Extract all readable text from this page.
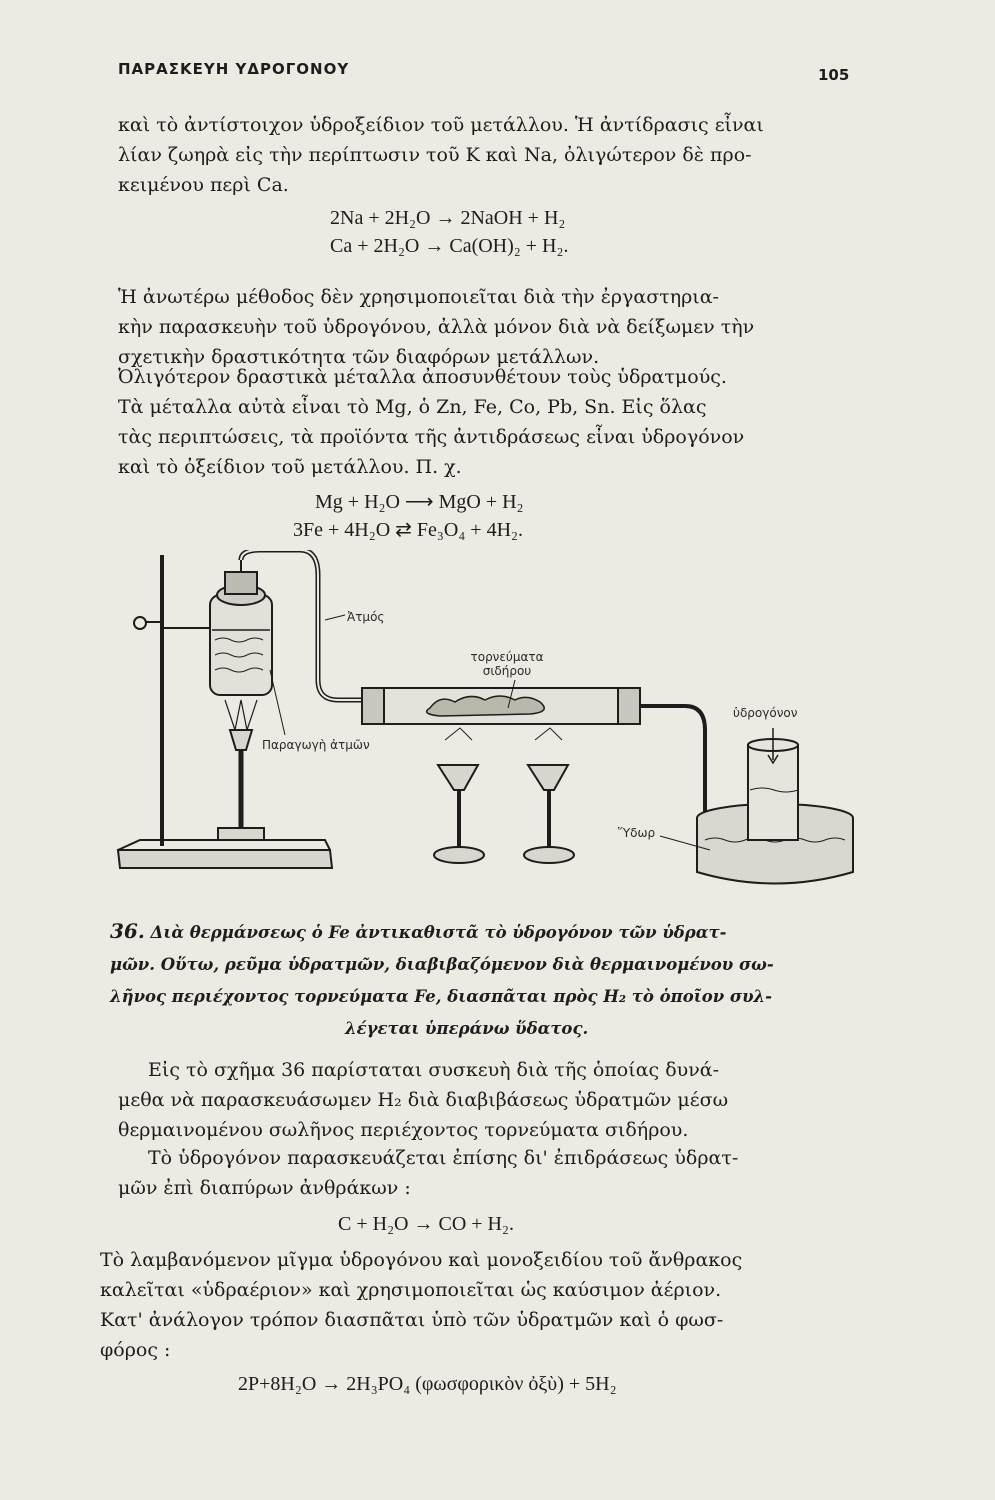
ΠΑΡΑΣΚΕΥΗ ΥΔΡΟΓΟΝΟΥ	105
καὶ τὸ ἀντίστοιχον ὑδροξείδιον τοῦ μετάλλου. Ἡ ἀντίδρασις εἶναι
λίαν ζωηρὰ εἰς τὴν περίπτωσιν τοῦ K καὶ Na, ὀλιγώτερον δὲ προ-
κειμένου περὶ Ca.
2Na + 2H₂O → 2NaOH + H₂
Ca + 2H₂O → Ca(OH)₂ + H₂.
Ἡ ἀνωτέρω μέθοδος δὲν χρησιμοποιεῖται διὰ τὴν ἐργαστηρια-
κὴν παρασκευὴν τοῦ ὑδρογόνου, ἀλλὰ μόνον διὰ νὰ δείξωμεν τὴν
σχετικὴν δραστικότητα τῶν διαφόρων μετάλλων.
Ὀλιγότερον δραστικὰ μέταλλα ἀποσυνθέτουν τοὺς ὑδρατμούς.
Τὰ μέταλλα αὐτὰ εἶναι τὸ Mg, ὁ Zn, Fe, Co, Pb, Sn. Εἰς ὅλας
τὰς περιπτώσεις, τὰ προϊόντα τῆς ἀντιδράσεως εἶναι ὑδρογόνον
καὶ τὸ ὀξείδιον τοῦ μετάλλου. Π. χ.
Mg + H₂O ⟶ MgO + H₂
3Fe + 4H₂O ⇄ Fe₃O₄ + 4H₂.
Ἀτμός
τορνεύματα
σιδήρου
ὑδρογόνον
Παραγωγὴ ἀτμῶν
Ὕδωρ
36. Διὰ θερμάνσεως ὁ Fe ἀντικαθιστᾶ τὸ ὑδρογόνον τῶν ὑδρατ-
μῶν. Οὕτω, ρεῦμα ὑδρατμῶν, διαβιβαζόμενον διὰ θερμαινομένου σω-
λῆνος περιέχοντος τορνεύματα Fe, διασπᾶται πρὸς H₂ τὸ ὁποῖον συλ-
λέγεται ὑπεράνω ὕδατος.
Εἰς τὸ σχῆμα 36 παρίσταται συσκευὴ διὰ τῆς ὁποίας δυνά-
μεθα νὰ παρασκευάσωμεν H₂ διὰ διαβιβάσεως ὑδρατμῶν μέσω
θερμαινομένου σωλῆνος περιέχοντος τορνεύματα σιδήρου.
Τὸ ὑδρογόνον παρασκευάζεται ἐπίσης δι' ἐπιδράσεως ὑδρατ-
μῶν ἐπὶ διαπύρων ἀνθράκων :
C + H₂O → CO + H₂.
Τὸ λαμβανόμενον μῖγμα ὑδρογόνου καὶ μονοξειδίου τοῦ ἄνθρακος
καλεῖται «ὑδραέριον» καὶ χρησιμοποιεῖται ὡς καύσιμον ἀέριον.
Κατ' ἀνάλογον τρόπον διασπᾶται ὑπὸ τῶν ὑδρατμῶν καὶ ὁ φωσ-
φόρος :
2P+8H₂O → 2H₃PO₄ (φωσφορικὸν ὀξὺ) + 5H₂
